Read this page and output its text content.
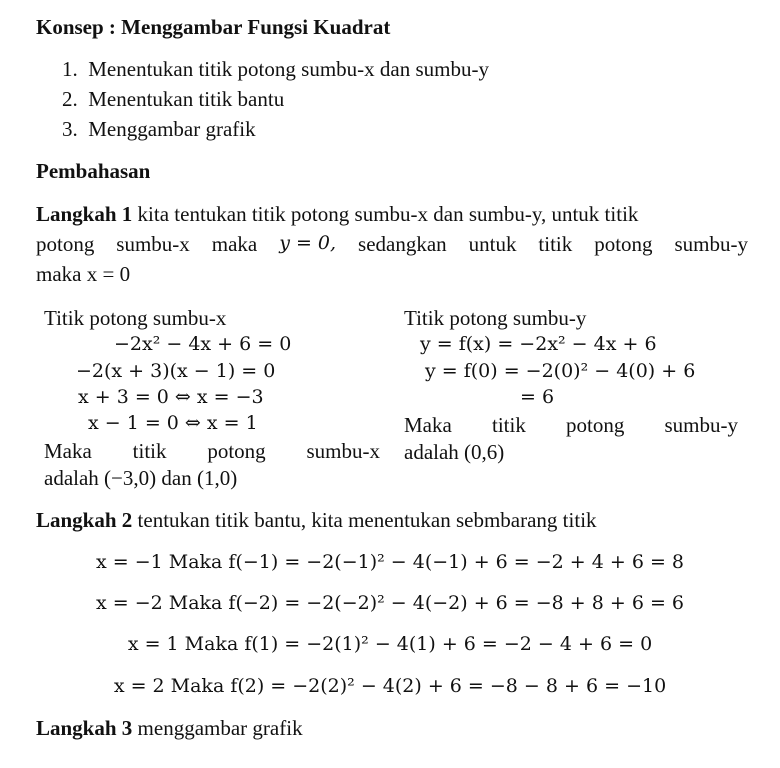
Konsep : Menggambar Fungsi Kuadrat
1. Menentukan titik potong sumbu-x dan sumbu-y
2. Menentukan titik bantu
3. Menggambar grafik
Pembahasan
Langkah 1 kita tentukan titik potong sumbu-x dan sumbu-y, untuk titik
potong sumbu-x maka y = 0, sedangkan untuk titik potong sumbu-y
maka x = 0
Titik potong sumbu-x
−2x² − 4x + 6 = 0
−2(x + 3)(x − 1) = 0
x + 3 = 0 ⇔ x = −3
x − 1 = 0 ⇔ x = 1
Maka titik potong sumbu-x
adalah (−3,0) dan (1,0)
Titik potong sumbu-y
y = f(x) = −2x² − 4x + 6
y = f(0) = −2(0)² − 4(0) + 6
= 6
Maka titik potong sumbu-y
adalah (0,6)
Langkah 2 tentukan titik bantu, kita menentukan sebmbarang titik
x = −1 Maka f(−1) = −2(−1)² − 4(−1) + 6 = −2 + 4 + 6 = 8
x = −2 Maka f(−2) = −2(−2)² − 4(−2) + 6 = −8 + 8 + 6 = 6
x = 1 Maka f(1) = −2(1)² − 4(1) + 6 = −2 − 4 + 6 = 0
x = 2 Maka f(2) = −2(2)² − 4(2) + 6 = −8 − 8 + 6 = −10
Langkah 3 menggambar grafik
